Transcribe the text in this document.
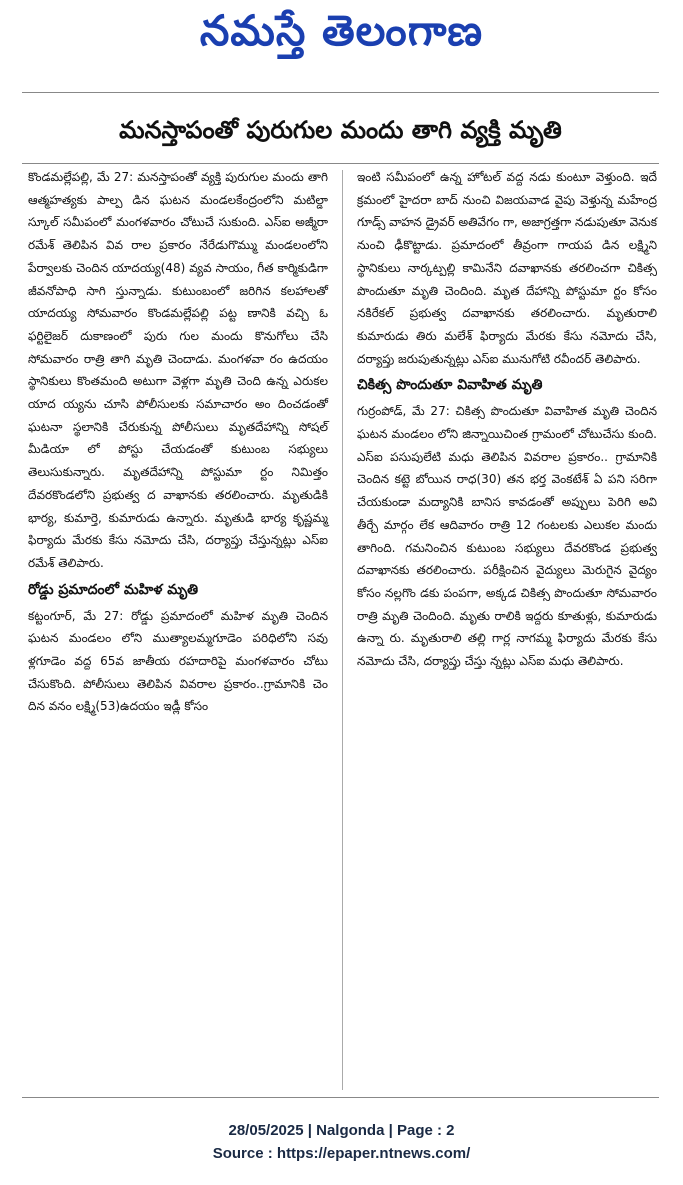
నమస్తే తెలంగాణ
మనస్తాపంతో పురుగుల మందు తాగి వ్యక్తి మృతి

కొండమల్లేపల్లి, మే 27: మనస్తాపంతో వ్యక్తి పురుగుల మందు తాగి ఆత్మహత్యకు పాల్ప డిన ఘటన మండలకేంద్రంలోని మటిల్డా స్కూల్ సమీపంలో మంగళవారం చోటుచే సుకుంది. ఎస్ఐ అజ్మీరా రమేశ్ తెలిపిన వివ రాల ప్రకారం నేరేడుగొమ్ము మండలంలోని పేర్వాలకు చెందిన యాదయ్య(48) వ్యవ సాయం, గీత కార్మికుడిగా జీవనోపాధి సాగి స్తున్నాడు. కుటుంబంలో జరిగిన కలహాలతో యాదయ్య సోమవారం కొండమల్లేపల్లి పట్ట ణానికి వచ్చి ఓ ఫర్టిలైజర్ దుకాణంలో పురు గుల మందు కొనుగోలు చేసి సోమవారం రాత్రి తాగి మృతి చెందాడు. మంగళవా రం ఉదయం స్థానికులు కొంతమంది అటుగా వెళ్లగా మృతి చెంది ఉన్న ఎరుకల యాద య్యను చూసి పోలీసులకు సమాచారం అం దించడంతో ఘటనా స్థలానికి చేరుకున్న పోలీసులు మృతదేహాన్ని సోషల్ మీడియా లో పోస్టు చేయడంతో కుటుంబ సభ్యులు తెలుసుకున్నారు. మృతదేహాన్ని పోస్టుమా ర్టం నిమిత్తం దేవరకొండలోని ప్రభుత్వ ద వాఖానకు తరలించారు. మృతుడికి భార్య, కుమార్తె, కుమారుడు ఉన్నారు. మృతుడి భార్య కృష్ణమ్మ ఫిర్యాదు మేరకు కేసు నమోదు చేసి, దర్యాప్తు చేస్తున్నట్లు ఎస్ఐ రమేశ్ తెలిపారు.

రోడ్డు ప్రమాదంలో మహిళ మృతి

కట్టంగూర్, మే 27: రోడ్డు ప్రమాదంలో మహిళ మృతి చెందిన ఘటన మండలం లోని ముత్యాలమ్మగూడెం పరిధిలోని సవు ళ్లగూడెం వద్ద 65వ జాతీయ రహదారిపై మంగళవారం చోటు చేసుకొంది. పోలీసులు తెలిపిన వివరాల ప్రకారం..గ్రామానికి చెం దిన వనం లక్ష్మి(53)ఉదయం ఇడ్లీ కోసం

ఇంటి సమీపంలో ఉన్న హోటల్ వద్ద నడు కుంటూ వెళ్తుంది. ఇదే క్రమంలో హైదరా బాద్ నుంచి విజయవాడ వైపు వెళ్తున్న మహేంద్ర గూడ్స్ వాహన డ్రైవర్ అతివేగం గా, అజాగ్రత్తగా నడుపుతూ వెనుక నుంచి ఢీకొట్టాడు. ప్రమాదంలో తీవ్రంగా గాయప డిన లక్ష్మిని స్థానికులు నార్కట్పల్లి కామినేని దవాఖానకు తరలించగా చికిత్స పొందుతూ మృతి చెందింది. మృత దేహాన్ని పోస్టుమా ర్టం కోసం నకిరేకల్ ప్రభుత్వ దవాఖానకు తరలించారు. మృతురాలి కుమారుడు తిరు మలేశ్ ఫిర్యాదు మేరకు కేసు నమోదు చేసి, దర్యాప్తు జరుపుతున్నట్లు ఎస్ఐ మునుగోటి రవీందర్ తెలిపారు.

చికిత్స పొందుతూ వివాహిత మృతి

గుర్రంపోడ్, మే 27: చికిత్స పొందుతూ వివాహిత మృతి చెందిన ఘటన మండలం లోని జిన్నాయిచింత గ్రామంలో చోటుచేసు కుంది. ఎస్ఐ పసుపులేటి మధు తెలిపిన వివరాల ప్రకారం.. గ్రామానికి చెందిన కట్టె బోయిన రాధ(30) తన భర్త వెంకటేశ్ ఏ పని సరిగా చేయకుండా మద్యానికి బానిస కావడంతో అప్పులు పెరిగి అవి తీర్చే మార్గం లేక ఆదివారం రాత్రి 12 గంటలకు ఎలుకల మందు తాగింది. గమనించిన కుటుంబ సభ్యులు దేవరకొండ ప్రభుత్వ దవాఖానకు తరలించారు. పరీక్షించిన వైద్యులు మెరుగైన వైద్యం కోసం నల్లగొం డకు పంపగా, అక్కడ చికిత్స పొందుతూ సోమవారం రాత్రి మృతి చెందింది. మృతు రాలికి ఇద్దరు కూతుళ్లు, కుమారుడు ఉన్నా రు. మృతురాలి తల్లి గార్ల నాగమ్మ ఫిర్యాదు మేరకు కేసు నమోదు చేసి, దర్యాప్తు చేస్తు న్నట్లు ఎస్ఐ మధు తెలిపారు.

28/05/2025 | Nalgonda | Page : 2
Source : https://epaper.ntnews.com/
